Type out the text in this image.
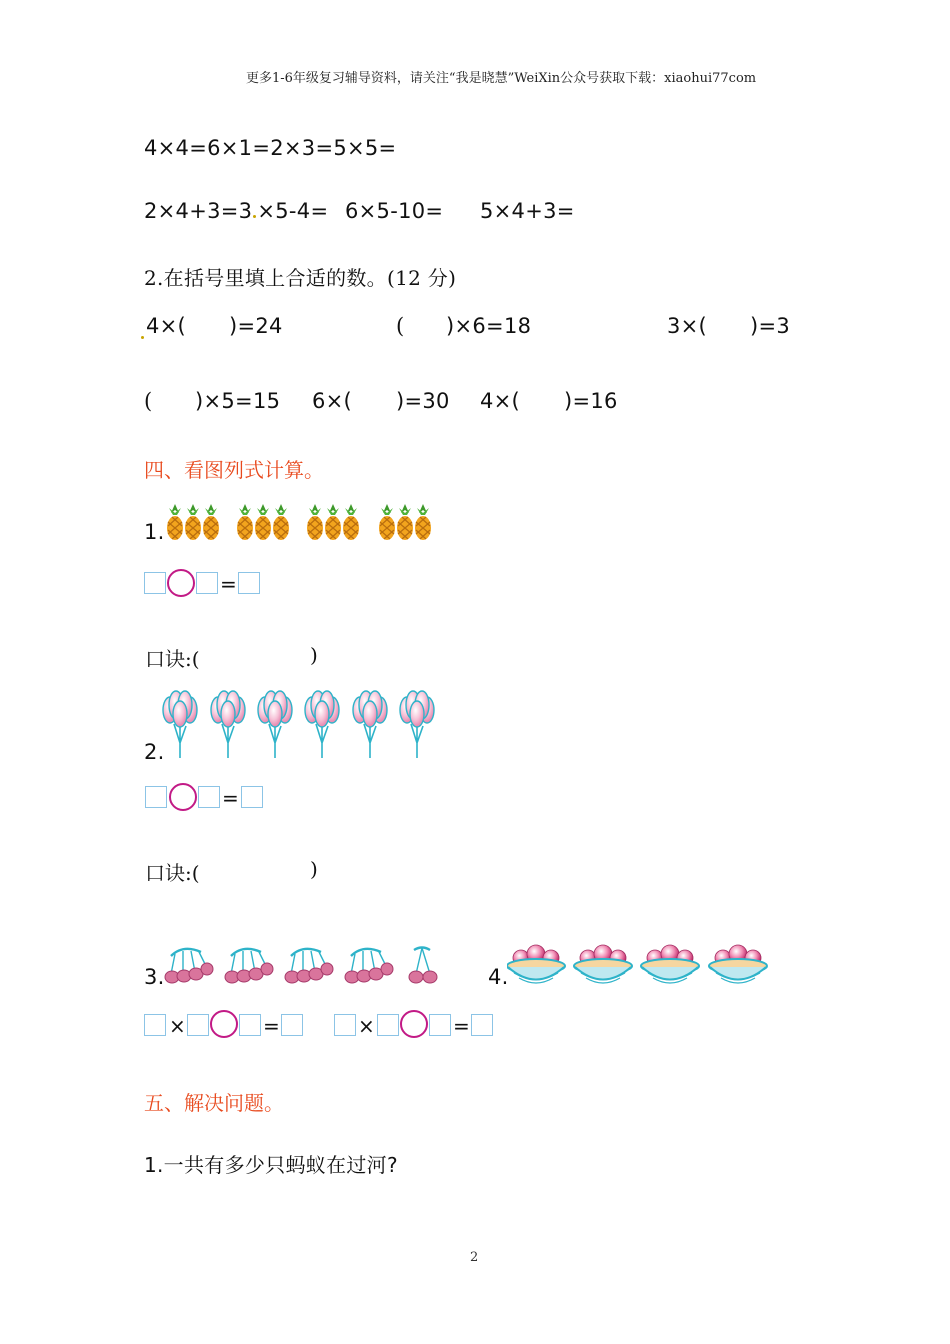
更多1-6年级复习辅导资料，请关注“我是晓慧”WeiXin公众号获取下载：xiaohui77com
4×4=6×1=2×3=5×5=
2×4+3=3 ×5-4= 6×5-10= 5×4+3=
2.在括号里填上合适的数。(12 分)
4×( )=24	( )×6=18	3×( )=3
( )×5=15 6×( )=30 4×( )=16
四、看图列式计算。
1.
=
口诀:(	)
2.
=
口诀:(	)
3.	4.
×	=	×	=
五、解决问题。
1.一共有多少只蚂蚁在过河?
2
